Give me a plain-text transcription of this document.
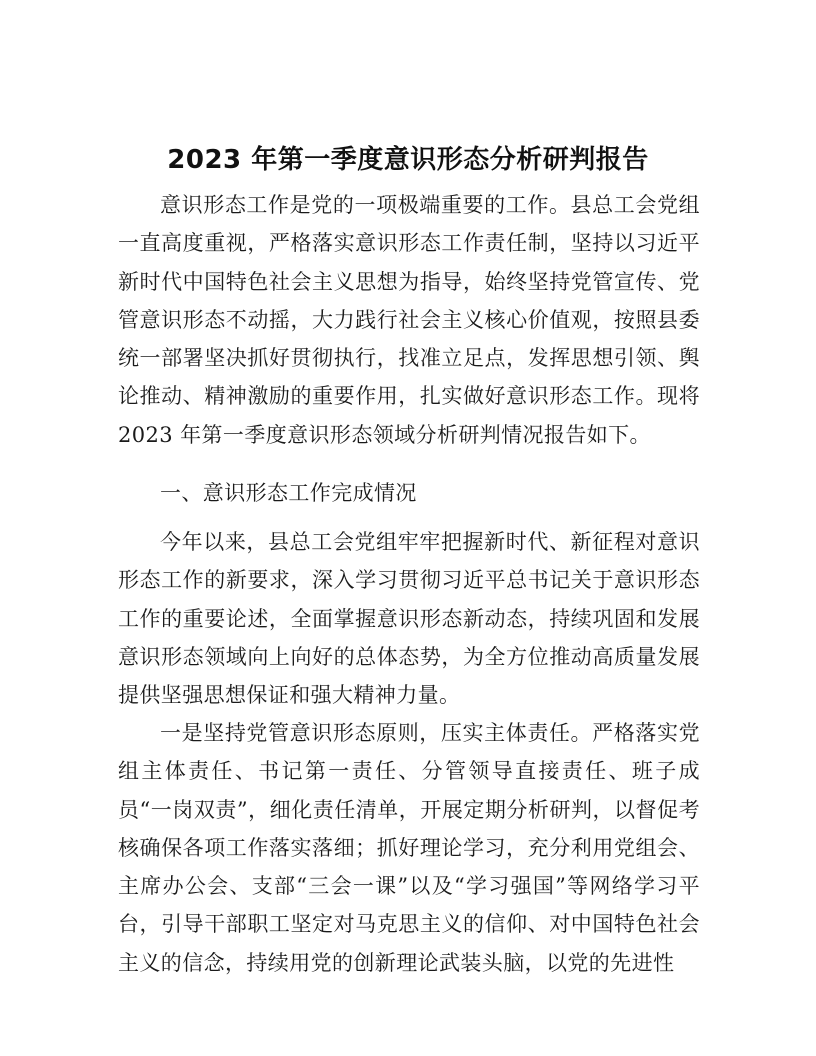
2023 年第一季度意识形态分析研判报告

意识形态工作是党的一项极端重要的工作。县总工会党组一直高度重视，严格落实意识形态工作责任制，坚持以习近平新时代中国特色社会主义思想为指导，始终坚持党管宣传、党管意识形态不动摇，大力践行社会主义核心价值观，按照县委统一部署坚决抓好贯彻执行，找准立足点，发挥思想引领、舆论推动、精神激励的重要作用，扎实做好意识形态工作。现将 2023 年第一季度意识形态领域分析研判情况报告如下。

一、意识形态工作完成情况

今年以来，县总工会党组牢牢把握新时代、新征程对意识形态工作的新要求，深入学习贯彻习近平总书记关于意识形态工作的重要论述，全面掌握意识形态新动态，持续巩固和发展意识形态领域向上向好的总体态势，为全方位推动高质量发展提供坚强思想保证和强大精神力量。

一是坚持党管意识形态原则，压实主体责任。严格落实党组主体责任、书记第一责任、分管领导直接责任、班子成员“一岗双责”，细化责任清单，开展定期分析研判，以督促考核确保各项工作落实落细；抓好理论学习，充分利用党组会、主席办公会、支部“三会一课”以及“学习强国”等网络学习平台，引导干部职工坚定对马克思主义的信仰、对中国特色社会主义的信念，持续用党的创新理论武装头脑，以党的先进性
